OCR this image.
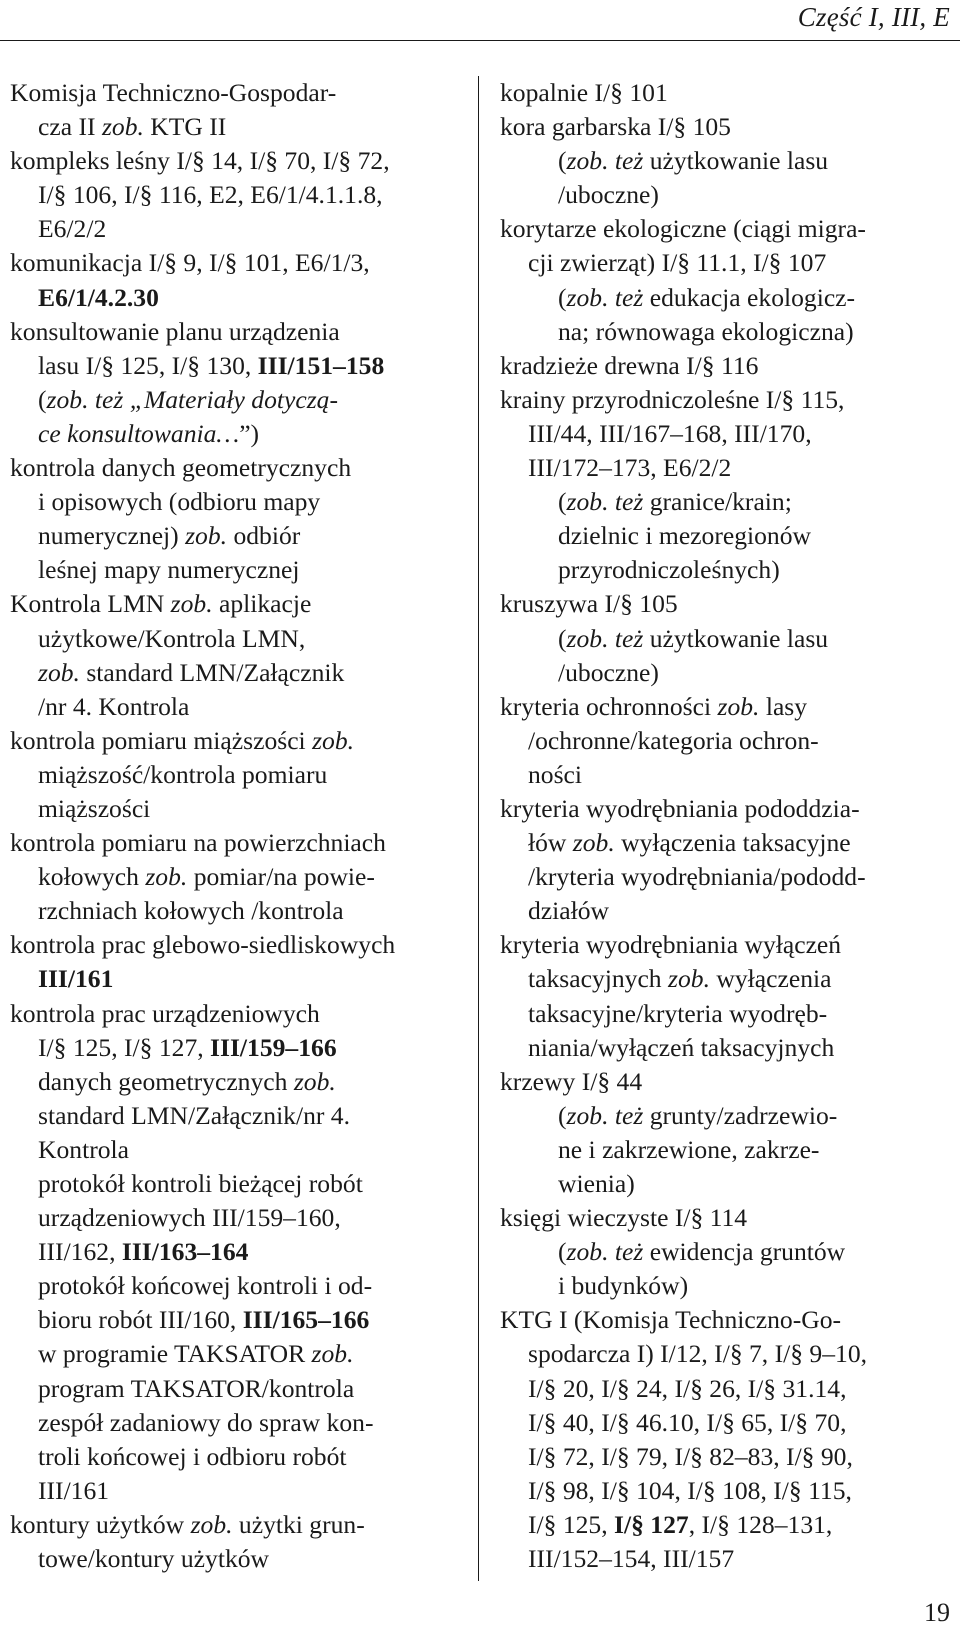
Część I, III, E
Komisja Techniczno-Gospodar-
cza II zob. KTG II
kompleks leśny I/§ 14, I/§ 70, I/§ 72,
I/§ 106, I/§ 116, E2, E6/1/4.1.1.8,
E6/2/2
komunikacja I/§ 9, I/§ 101, E6/1/3,
E6/1/4.2.30
konsultowanie planu urządzenia
lasu I/§ 125, I/§ 130, III/151–158
(zob. też „Materiały dotyczą-
ce konsultowania…”)
kontrola danych geometrycznych
i opisowych (odbioru mapy
numerycznej) zob. odbiór
leśnej mapy numerycznej
Kontrola LMN zob. aplikacje
użytkowe/Kontrola LMN,
zob. standard LMN/Załącznik
/nr 4. Kontrola
kontrola pomiaru miąższości zob.
miąższość/kontrola pomiaru
miąższości
kontrola pomiaru na powierzchniach
kołowych zob. pomiar/na powie-
rzchniach kołowych /kontrola
kontrola prac glebowo-siedliskowych
III/161
kontrola prac urządzeniowych
I/§ 125, I/§ 127, III/159–166
danych geometrycznych zob.
standard LMN/Załącznik/nr 4.
Kontrola
protokół kontroli bieżącej robót
urządzeniowych III/159–160,
III/162, III/163–164
protokół końcowej kontroli i od-
bioru robót III/160, III/165–166
w programie TAKSATOR zob.
program TAKSATOR/kontrola
zespół zadaniowy do spraw kon-
troli końcowej i odbioru robót
III/161
kontury użytków zob. użytki grun-
towe/kontury użytków
kopalnie I/§ 101
kora garbarska I/§ 105
(zob. też użytkowanie lasu
/uboczne)
korytarze ekologiczne (ciągi migra-
cji zwierząt) I/§ 11.1, I/§ 107
(zob. też edukacja ekologicz-
na; równowaga ekologiczna)
kradzieże drewna I/§ 116
krainy przyrodniczoleśne I/§ 115,
III/44, III/167–168, III/170,
III/172–173, E6/2/2
(zob. też granice/krain;
dzielnic i mezoregionów
przyrodniczoleśnych)
kruszywa I/§ 105
(zob. też użytkowanie lasu
/uboczne)
kryteria ochronności zob. lasy
/ochronne/kategoria ochron-
ności
kryteria wyodrębniania pododdzia-
łów zob. wyłączenia taksacyjne
/kryteria wyodrębniania/pododd-
działów
kryteria wyodrębniania wyłączeń
taksacyjnych zob. wyłączenia
taksacyjne/kryteria wyodręb-
niania/wyłączeń taksacyjnych
krzewy I/§ 44
(zob. też grunty/zadrzewio-
ne i zakrzewione, zakrze-
wienia)
księgi wieczyste I/§ 114
(zob. też ewidencja gruntów
i budynków)
KTG I (Komisja Techniczno-Go-
spodarcza I) I/12, I/§ 7, I/§ 9–10,
I/§ 20, I/§ 24, I/§ 26, I/§ 31.14,
I/§ 40, I/§ 46.10, I/§ 65, I/§ 70,
I/§ 72, I/§ 79, I/§ 82–83, I/§ 90,
I/§ 98, I/§ 104, I/§ 108, I/§ 115,
I/§ 125, I/§ 127, I/§ 128–131,
III/152–154, III/157
19
